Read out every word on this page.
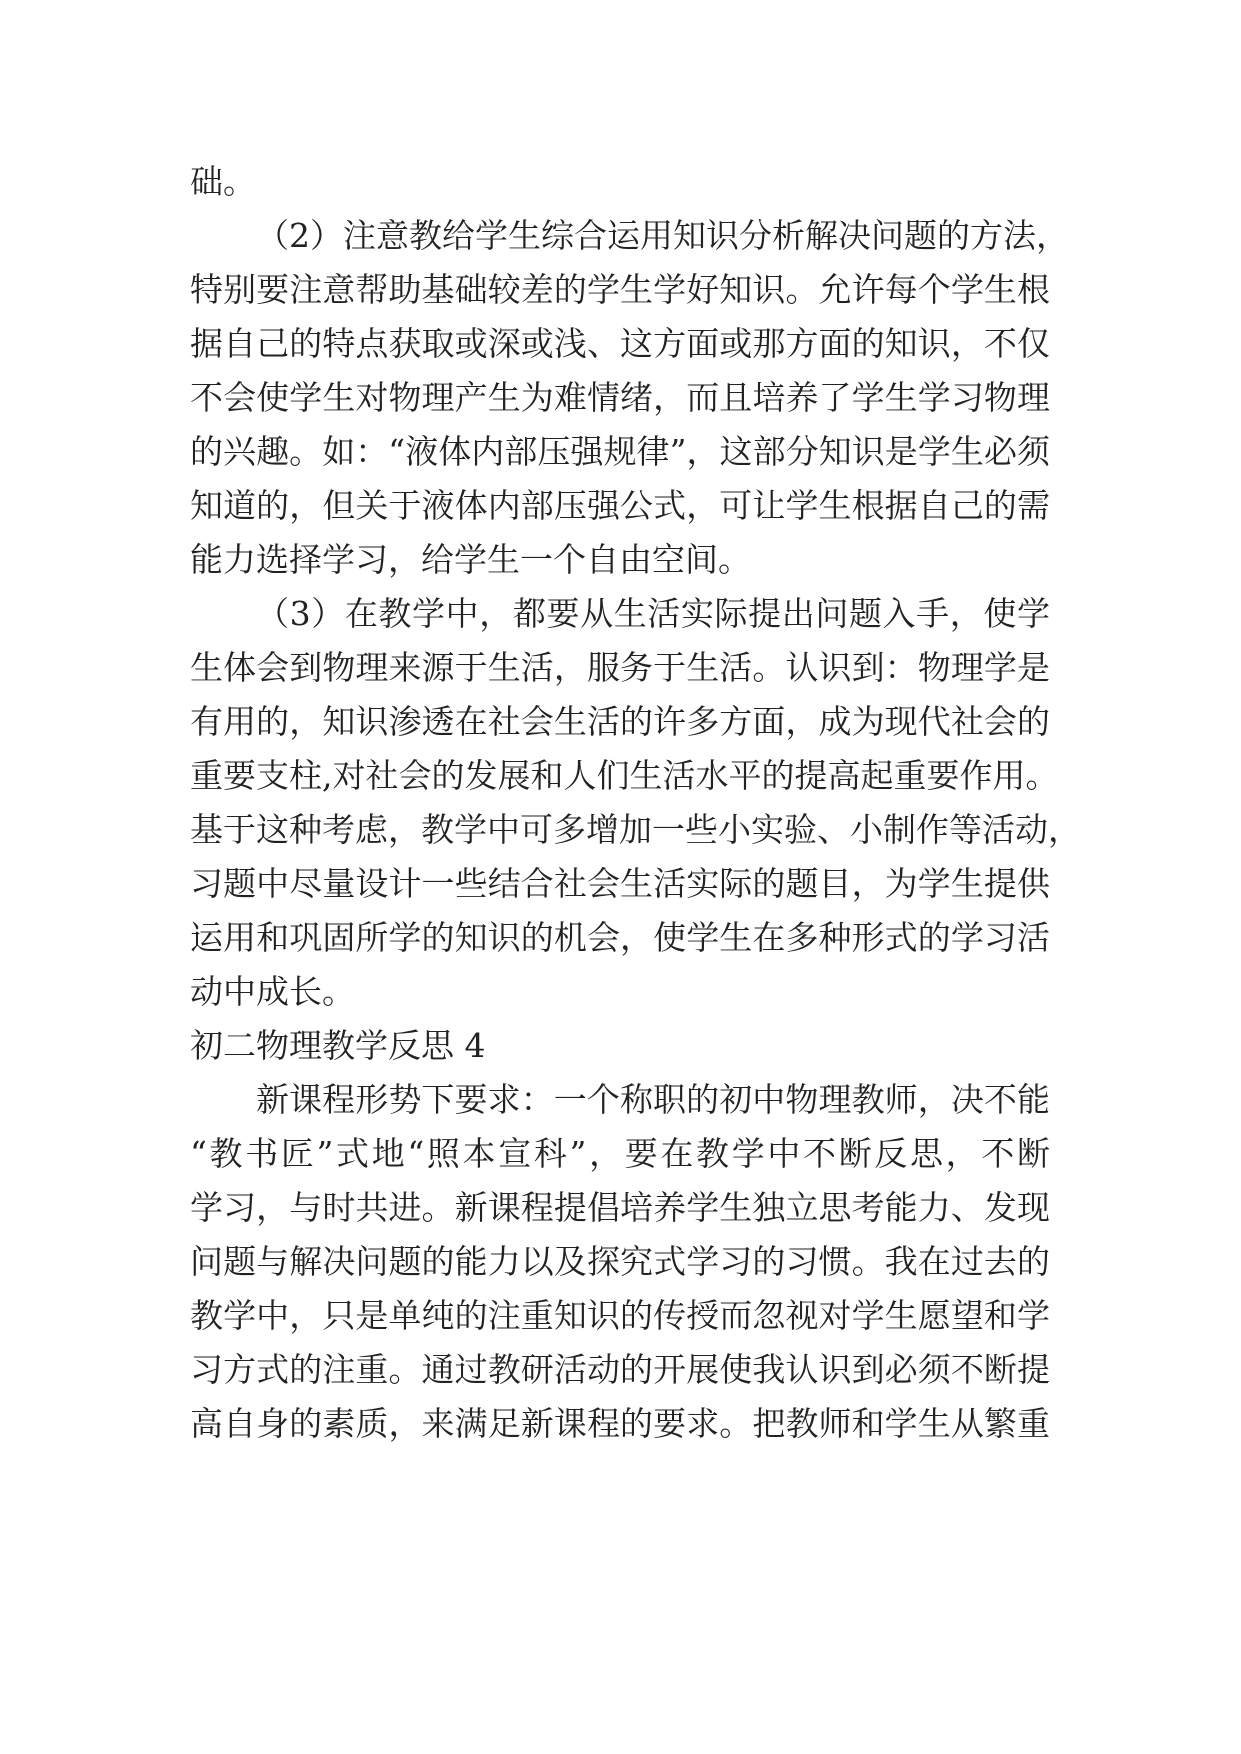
础。

（2）注意教给学生综合运用知识分析解决问题的方法，

特别要注意帮助基础较差的学生学好知识。允许每个学生根

据自己的特点获取或深或浅、这方面或那方面的知识，不仅

不会使学生对物理产生为难情绪，而且培养了学生学习物理

的兴趣。如：“液体内部压强规律”，这部分知识是学生必须

知道的，但关于液体内部压强公式，可让学生根据自己的需

能力选择学习，给学生一个自由空间。

（3）在教学中，都要从生活实际提出问题入手，使学

生体会到物理来源于生活，服务于生活。认识到：物理学是

有用的，知识渗透在社会生活的许多方面，成为现代社会的

重要支柱,对社会的发展和人们生活水平的提高起重要作用。

基于这种考虑，教学中可多增加一些小实验、小制作等活动，

习题中尽量设计一些结合社会生活实际的题目，为学生提供

运用和巩固所学的知识的机会，使学生在多种形式的学习活

动中成长。

初二物理教学反思 4

新课程形势下要求：一个称职的初中物理教师，决不能

“教书匠”式地“照本宣科”，要在教学中不断反思，不断

学习，与时共进。新课程提倡培养学生独立思考能力、发现

问题与解决问题的能力以及探究式学习的习惯。我在过去的

教学中，只是单纯的注重知识的传授而忽视对学生愿望和学

习方式的注重。通过教研活动的开展使我认识到必须不断提

高自身的素质，来满足新课程的要求。把教师和学生从繁重
